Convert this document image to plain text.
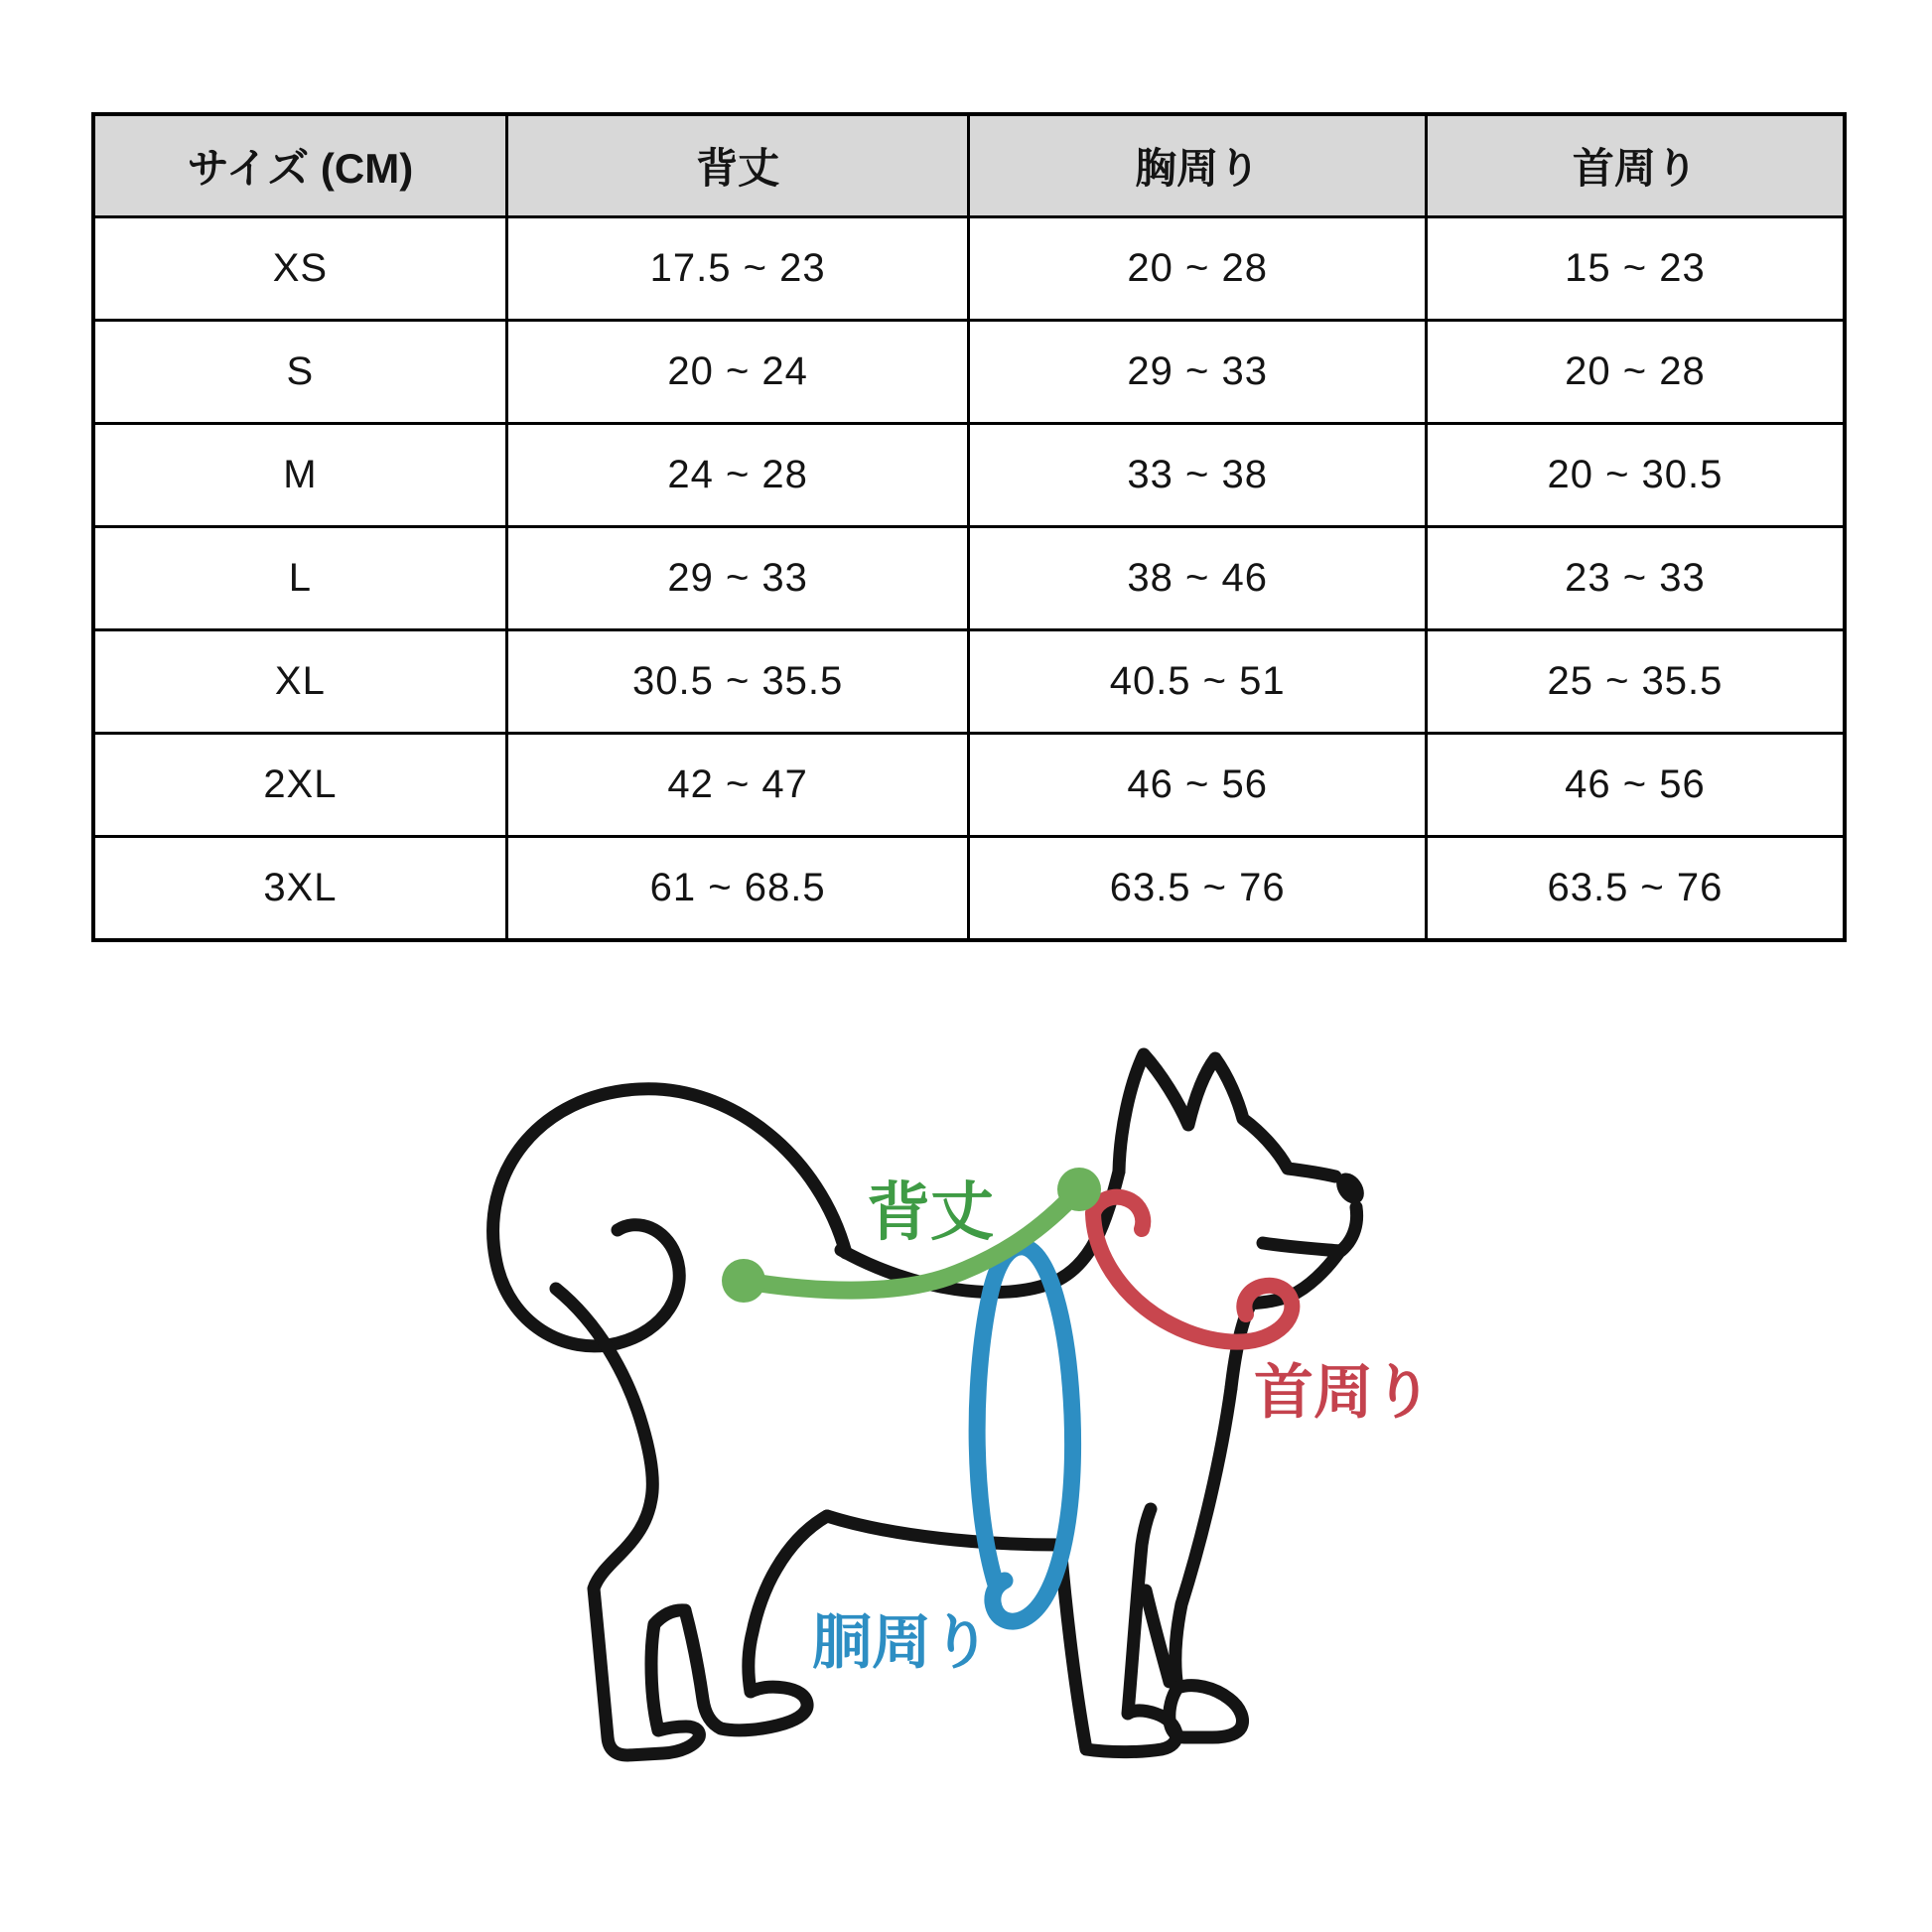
サイズ (CM)	背丈	胸周り	首周り
XS	17.5 ~ 23	20 ~ 28	15 ~ 23
S	20 ~ 24	29 ~ 33	20 ~ 28
M	24 ~ 28	33 ~ 38	20 ~ 30.5
L	29 ~ 33	38 ~ 46	23 ~ 33
XL	30.5 ~ 35.5	40.5 ~ 51	25 ~ 35.5
2XL	42 ~ 47	46 ~ 56	46 ~ 56
3XL	61 ~ 68.5	63.5 ~ 76	63.5 ~ 76
背丈
首周り
胴周り
